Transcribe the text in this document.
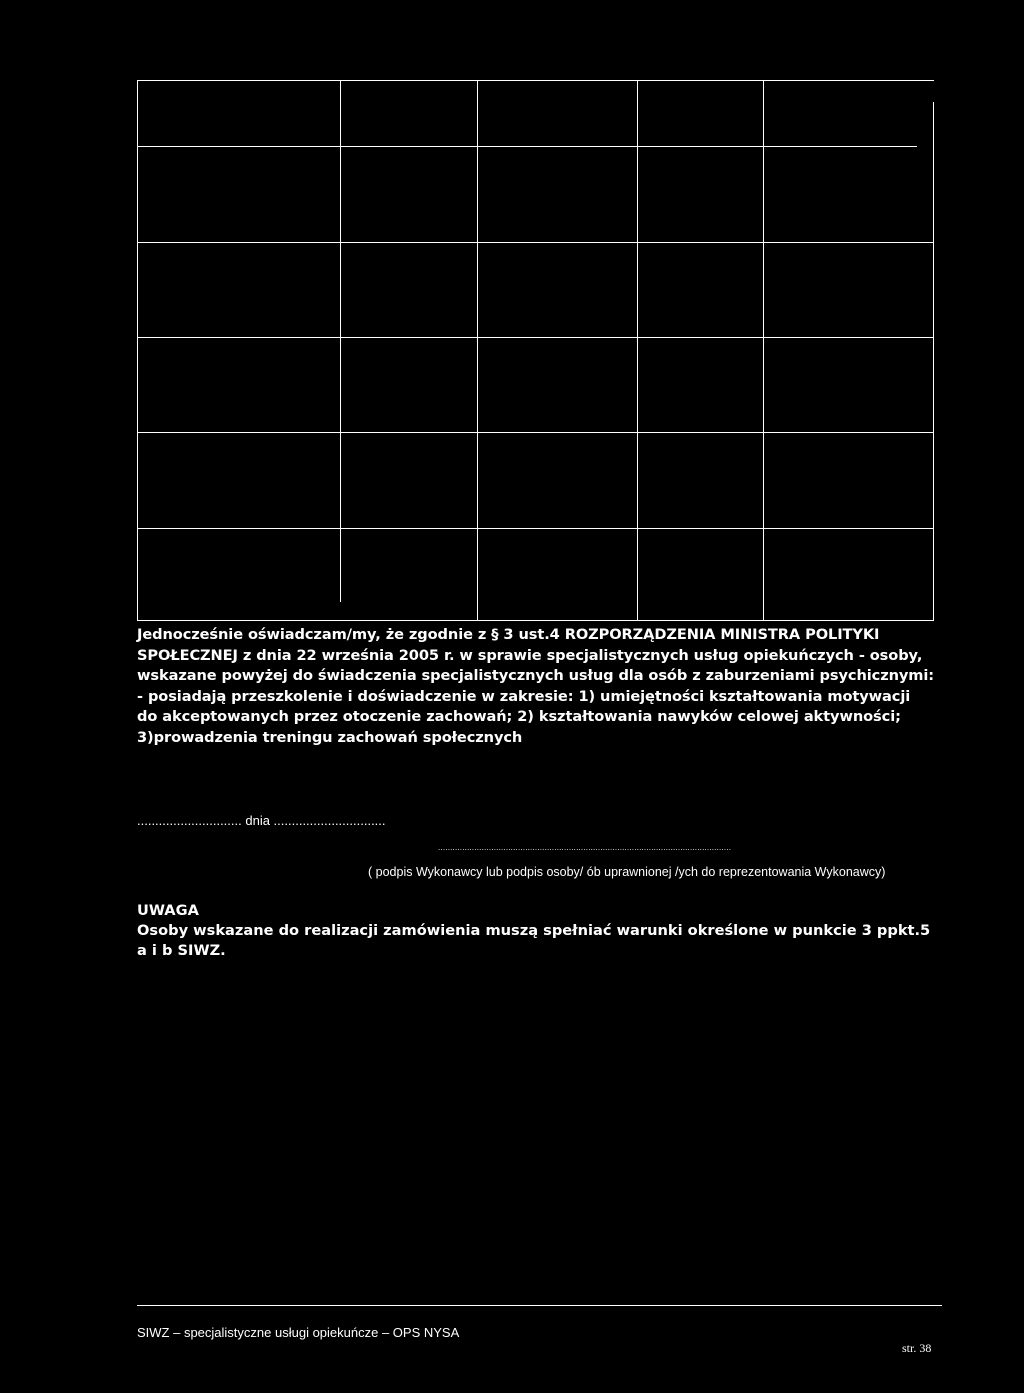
Jednocześnie oświadczam/my, że zgodnie z § 3 ust.4 ROZPORZĄDZENIA MINISTRA POLITYKI
SPOŁECZNEJ z dnia 22 września 2005 r. w sprawie specjalistycznych usług opiekuńczych - osoby,
wskazane powyżej do świadczenia specjalistycznych usług dla osób z zaburzeniami psychicznymi:
- posiadają przeszkolenie i doświadczenie w zakresie: 1) umiejętności kształtowania motywacji
do akceptowanych przez otoczenie zachowań; 2) kształtowania nawyków celowej aktywności;
3)prowadzenia treningu zachowań społecznych
............................. dnia ...............................
.........................................................................................................................
( podpis Wykonawcy lub podpis osoby/ ób uprawnionej /ych do reprezentowania Wykonawcy)
UWAGA
Osoby wskazane do realizacji zamówienia muszą spełniać warunki określone w punkcie 3 ppkt.5
a i b SIWZ.
SIWZ – specjalistyczne usługi opiekuńcze – OPS NYSA
str. 38
